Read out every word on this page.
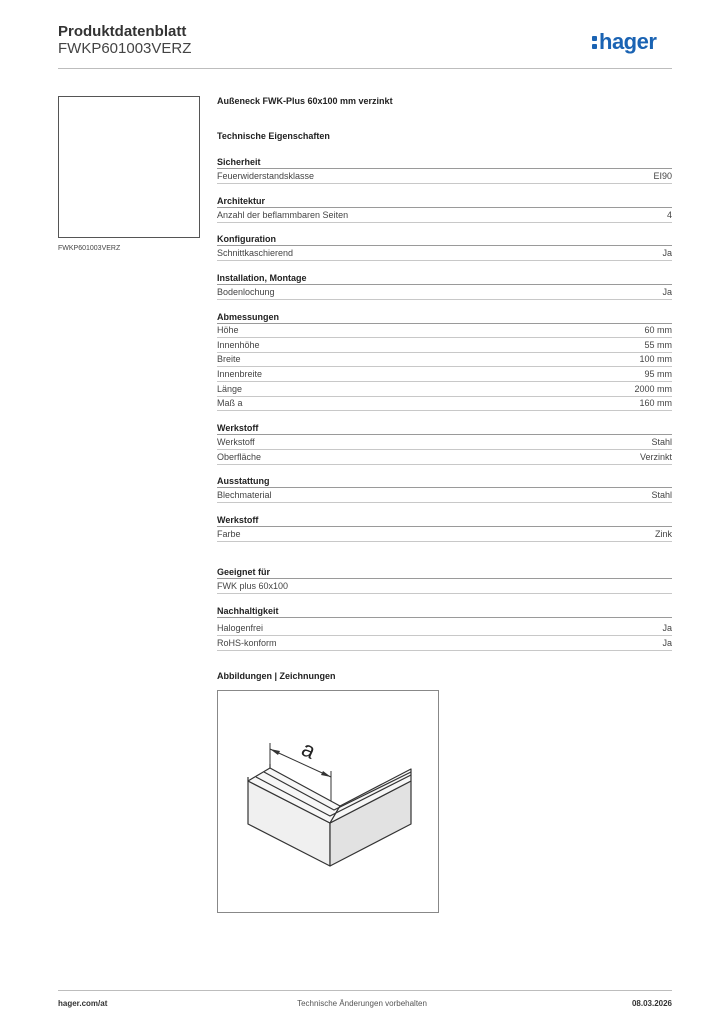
Produktdatenblatt
FWKP601003VERZ	hager
FWKP601003VERZ
Außeneck FWK-Plus 60x100 mm verzinkt
Technische Eigenschaften
Sicherheit
Feuerwiderstandsklasse	EI90
Architektur
Anzahl der beflammbaren Seiten	4
Konfiguration
Schnittkaschierend	Ja
Installation, Montage
Bodenlochung	Ja
Abmessungen
Höhe	60 mm
Innenhöhe	55 mm
Breite	100 mm
Innenbreite	95 mm
Länge	2000 mm
Maß a	160 mm
Werkstoff
Werkstoff	Stahl
Oberfläche	Verzinkt
Ausstattung
Blechmaterial	Stahl
Werkstoff
Farbe	Zink
Geeignet für
FWK plus 60x100
Nachhaltigkeit
Halogenfrei	Ja
RoHS-konform	Ja
Abbildungen | Zeichnungen
a
hager.com/at	Technische Änderungen vorbehalten	08.03.2026
